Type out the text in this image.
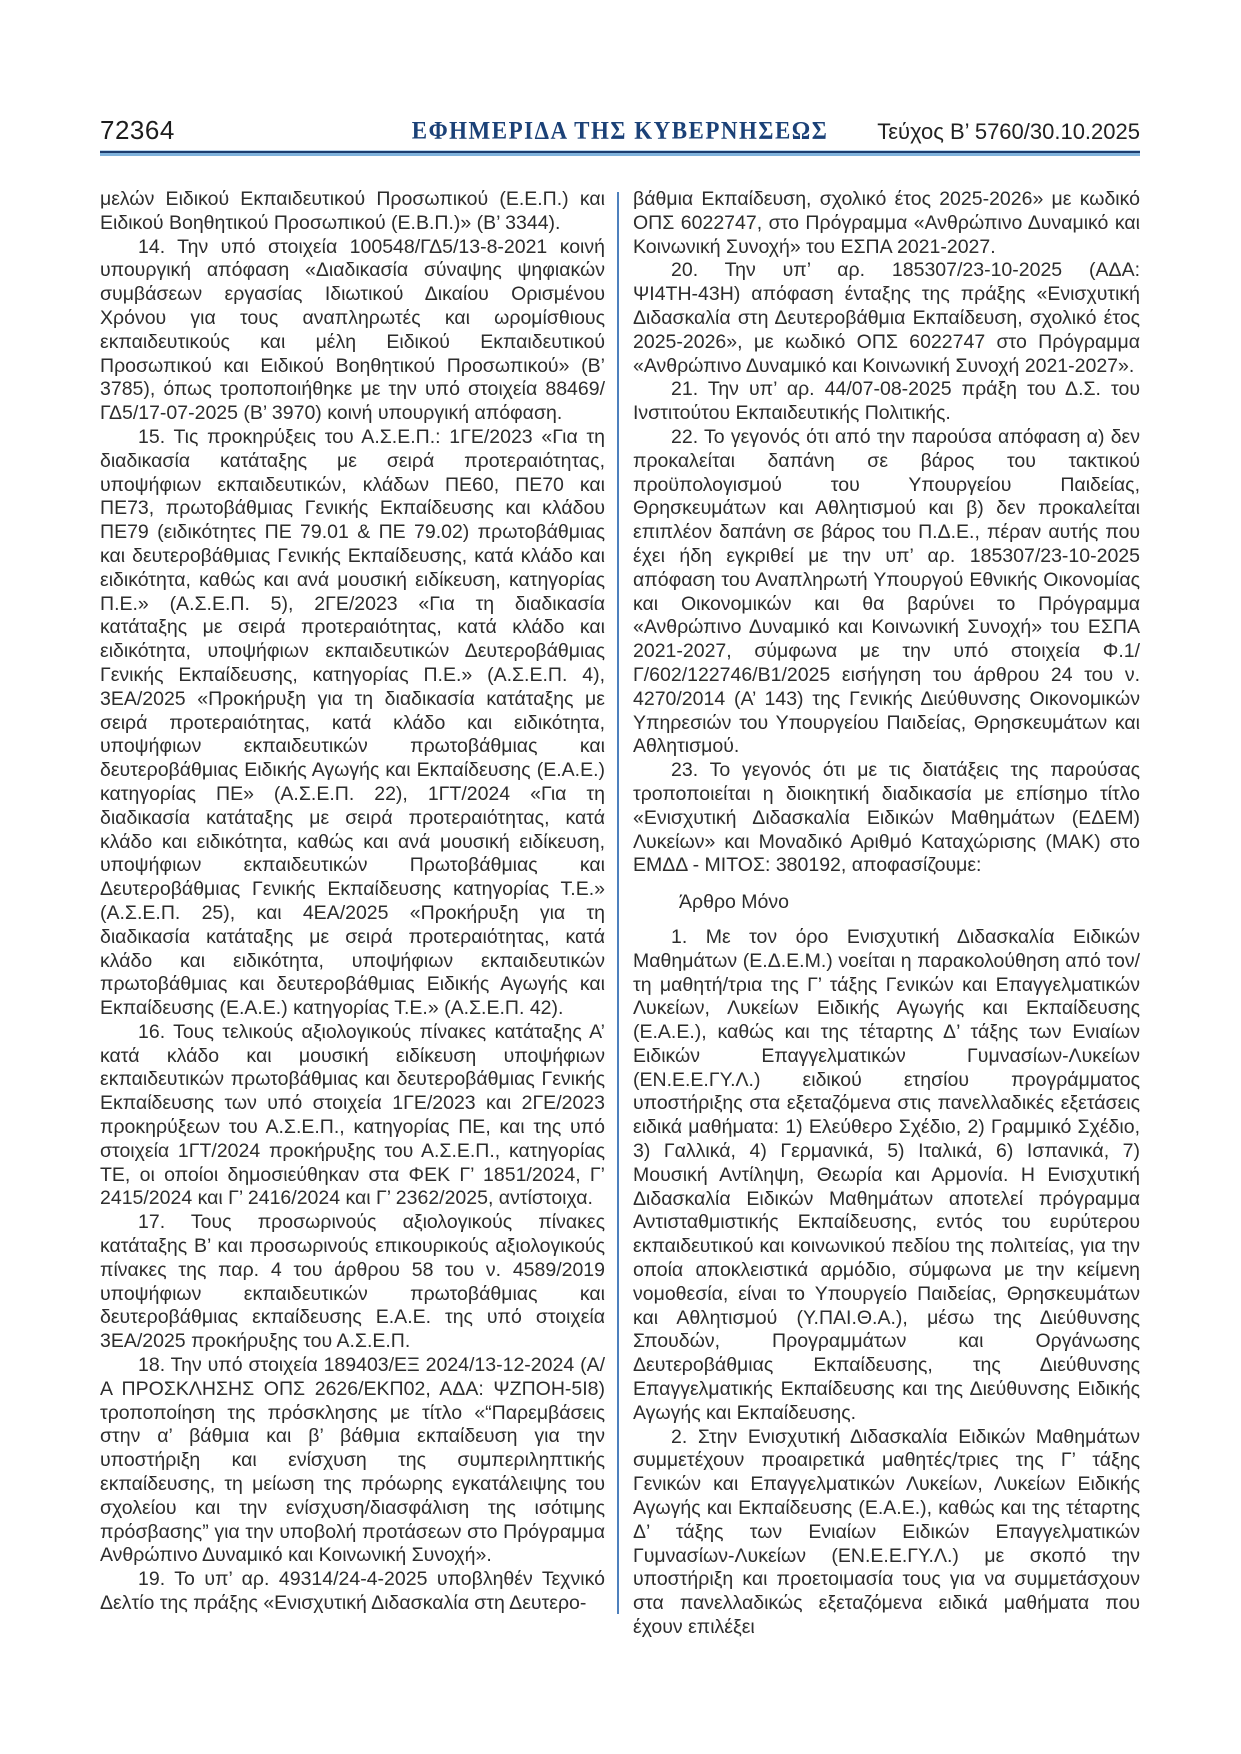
72364	ΕΦΗΜΕΡΙΔΑ ΤΗΣ ΚΥΒΕΡΝΗΣΕΩΣ	Τεύχος Β’ 5760/30.10.2025

μελών Ειδικού Εκπαιδευτικού Προσωπικού (Ε.Ε.Π.) και Ειδικού Βοηθητικού Προσωπικού (Ε.Β.Π.)» (Β’ 3344).

14. Την υπό στοιχεία 100548/ΓΔ5/13-8-2021 κοινή υπουργική απόφαση «Διαδικασία σύναψης ψηφιακών συμβάσεων εργασίας Ιδιωτικού Δικαίου Ορισμένου Χρόνου για τους αναπληρωτές και ωρομίσθιους εκπαιδευτικούς και μέλη Ειδικού Εκπαιδευτικού Προσωπικού και Ειδικού Βοηθητικού Προσωπικού» (Β’ 3785), όπως τροποποιήθηκε με την υπό στοιχεία 88469/ΓΔ5/17-07-2025 (Β’ 3970) κοινή υπουργική απόφαση.

15. Τις προκηρύξεις του Α.Σ.Ε.Π.: 1ΓΕ/2023 «Για τη διαδικασία κατάταξης με σειρά προτεραιότητας, υποψήφιων εκπαιδευτικών, κλάδων ΠΕ60, ΠΕ70 και ΠΕ73, πρωτοβάθμιας Γενικής Εκπαίδευσης και κλάδου ΠΕ79 (ειδικότητες ΠΕ 79.01 & ΠΕ 79.02) πρωτοβάθμιας και δευτεροβάθμιας Γενικής Εκπαίδευσης, κατά κλάδο και ειδικότητα, καθώς και ανά μουσική ειδίκευση, κατηγορίας Π.Ε.» (Α.Σ.Ε.Π. 5), 2ΓΕ/2023 «Για τη διαδικασία κατάταξης με σειρά προτεραιότητας, κατά κλάδο και ειδικότητα, υποψήφιων εκπαιδευτικών Δευτεροβάθμιας Γενικής Εκπαίδευσης, κατηγορίας Π.Ε.» (Α.Σ.Ε.Π. 4), 3ΕΑ/2025 «Προκήρυξη για τη διαδικασία κατάταξης με σειρά προτεραιότητας, κατά κλάδο και ειδικότητα, υποψήφιων εκπαιδευτικών πρωτοβάθμιας και δευτεροβάθμιας Ειδικής Αγωγής και Εκπαίδευσης (Ε.Α.Ε.) κατηγορίας ΠΕ» (Α.Σ.Ε.Π. 22), 1ΓΤ/2024 «Για τη διαδικασία κατάταξης με σειρά προτεραιότητας, κατά κλάδο και ειδικότητα, καθώς και ανά μουσική ειδίκευση, υποψήφιων εκπαιδευτικών Πρωτοβάθμιας και Δευτεροβάθμιας Γενικής Εκπαίδευσης κατηγορίας Τ.Ε.» (Α.Σ.Ε.Π. 25), και 4ΕΑ/2025 «Προκήρυξη για τη διαδικασία κατάταξης με σειρά προτεραιότητας, κατά κλάδο και ειδικότητα, υποψήφιων εκπαιδευτικών πρωτοβάθμιας και δευτεροβάθμιας Ειδικής Αγωγής και Εκπαίδευσης (Ε.Α.Ε.) κατηγορίας Τ.Ε.» (Α.Σ.Ε.Π. 42).

16. Τους τελικούς αξιολογικούς πίνακες κατάταξης Α’ κατά κλάδο και μουσική ειδίκευση υποψήφιων εκπαιδευτικών πρωτοβάθμιας και δευτεροβάθμιας Γενικής Εκπαίδευσης των υπό στοιχεία 1ΓΕ/2023 και 2ΓΕ/2023 προκηρύξεων του Α.Σ.Ε.Π., κατηγορίας ΠΕ, και της υπό στοιχεία 1ΓΤ/2024 προκήρυξης του Α.Σ.Ε.Π., κατηγορίας ΤΕ, οι οποίοι δημοσιεύθηκαν στα ΦΕΚ Γ’ 1851/2024, Γ’ 2415/2024 και Γ’ 2416/2024 και Γ’ 2362/2025, αντίστοιχα.

17. Τους προσωρινούς αξιολογικούς πίνακες κατάταξης Β’ και προσωρινούς επικουρικούς αξιολογικούς πίνακες της παρ. 4 του άρθρου 58 του ν. 4589/2019 υποψήφιων εκπαιδευτικών πρωτοβάθμιας και δευτεροβάθμιας εκπαίδευσης Ε.Α.Ε. της υπό στοιχεία 3ΕΑ/2025 προκήρυξης του Α.Σ.Ε.Π.

18. Την υπό στοιχεία 189403/ΕΞ 2024/13-12-2024 (Α/Α ΠΡΟΣΚΛΗΣΗΣ ΟΠΣ 2626/ΕΚΠ02, ΑΔΑ: ΨΖΠΟΗ-5Ι8) τροποποίηση της πρόσκλησης με τίτλο «“Παρεμβάσεις στην α’ βάθμια και β’ βάθμια εκπαίδευση για την υποστήριξη και ενίσχυση της συμπεριληπτικής εκπαίδευσης, τη μείωση της πρόωρης εγκατάλειψης του σχολείου και την ενίσχυση/διασφάλιση της ισότιμης πρόσβασης” για την υποβολή προτάσεων στο Πρόγραμμα Ανθρώπινο Δυναμικό και Κοινωνική Συνοχή».

19. Το υπ’ αρ. 49314/24-4-2025 υποβληθέν Τεχνικό Δελτίο της πράξης «Ενισχυτική Διδασκαλία στη Δευτερο-

βάθμια Εκπαίδευση, σχολικό έτος 2025-2026» με κωδικό ΟΠΣ 6022747, στο Πρόγραμμα «Ανθρώπινο Δυναμικό και Κοινωνική Συνοχή» του ΕΣΠΑ 2021-2027.

20. Την υπ’ αρ. 185307/23-10-2025 (ΑΔΑ: ΨΙ4ΤΗ-43Η) απόφαση ένταξης της πράξης «Ενισχυτική Διδασκαλία στη Δευτεροβάθμια Εκπαίδευση, σχολικό έτος 2025-2026», με κωδικό ΟΠΣ 6022747 στο Πρόγραμμα «Ανθρώπινο Δυναμικό και Κοινωνική Συνοχή 2021-2027».

21. Την υπ’ αρ. 44/07-08-2025 πράξη του Δ.Σ. του Ινστιτούτου Εκπαιδευτικής Πολιτικής.

22. Το γεγονός ότι από την παρούσα απόφαση α) δεν προκαλείται δαπάνη σε βάρος του τακτικού προϋπολογισμού του Υπουργείου Παιδείας, Θρησκευμάτων και Αθλητισμού και β) δεν προκαλείται επιπλέον δαπάνη σε βάρος του Π.Δ.Ε., πέραν αυτής που έχει ήδη εγκριθεί με την υπ’ αρ. 185307/23-10-2025 απόφαση του Αναπληρωτή Υπουργού Εθνικής Οικονομίας και Οικονομικών και θα βαρύνει το Πρόγραμμα «Ανθρώπινο Δυναμικό και Κοινωνική Συνοχή» του ΕΣΠΑ 2021-2027, σύμφωνα με την υπό στοιχεία Φ.1/Γ/602/122746/Β1/2025 εισήγηση του άρθρου 24 του ν. 4270/2014 (Α’ 143) της Γενικής Διεύθυνσης Οικονομικών Υπηρεσιών του Υπουργείου Παιδείας, Θρησκευμάτων και Αθλητισμού.

23. Το γεγονός ότι με τις διατάξεις της παρούσας τροποποιείται η διοικητική διαδικασία με επίσημο τίτλο «Ενισχυτική Διδασκαλία Ειδικών Μαθημάτων (ΕΔΕΜ) Λυκείων» και Μοναδικό Αριθμό Καταχώρισης (ΜΑΚ) στο ΕΜΔΔ - ΜΙΤΟΣ: 380192, αποφασίζουμε:

Άρθρο Μόνο

1. Με τον όρο Ενισχυτική Διδασκαλία Ειδικών Μαθημάτων (Ε.Δ.Ε.Μ.) νοείται η παρακολούθηση από τον/τη μαθητή/τρια της Γ’ τάξης Γενικών και Επαγγελματικών Λυκείων, Λυκείων Ειδικής Αγωγής και Εκπαίδευσης (Ε.Α.Ε.), καθώς και της τέταρτης Δ’ τάξης των Ενιαίων Ειδικών Επαγγελματικών Γυμνασίων-Λυκείων (ΕΝ.Ε.Ε.ΓΥ.Λ.) ειδικού ετησίου προγράμματος υποστήριξης στα εξεταζόμενα στις πανελλαδικές εξετάσεις ειδικά μαθήματα: 1) Ελεύθερο Σχέδιο, 2) Γραμμικό Σχέδιο, 3) Γαλλικά, 4) Γερμανικά, 5) Ιταλικά, 6) Ισπανικά, 7) Μουσική Αντίληψη, Θεωρία και Αρμονία. Η Ενισχυτική Διδασκαλία Ειδικών Μαθημάτων αποτελεί πρόγραμμα Αντισταθμιστικής Εκπαίδευσης, εντός του ευρύτερου εκπαιδευτικού και κοινωνικού πεδίου της πολιτείας, για την οποία αποκλειστικά αρμόδιο, σύμφωνα με την κείμενη νομοθεσία, είναι το Υπουργείο Παιδείας, Θρησκευμάτων και Αθλητισμού (Υ.ΠΑΙ.Θ.Α.), μέσω της Διεύθυνσης Σπουδών, Προγραμμάτων και Οργάνωσης Δευτεροβάθμιας Εκπαίδευσης, της Διεύθυνσης Επαγγελματικής Εκπαίδευσης και της Διεύθυνσης Ειδικής Αγωγής και Εκπαίδευσης.

2. Στην Ενισχυτική Διδασκαλία Ειδικών Μαθημάτων συμμετέχουν προαιρετικά μαθητές/τριες της Γ’ τάξης Γενικών και Επαγγελματικών Λυκείων, Λυκείων Ειδικής Αγωγής και Εκπαίδευσης (Ε.Α.Ε.), καθώς και της τέταρτης Δ’ τάξης των Ενιαίων Ειδικών Επαγγελματικών Γυμνασίων-Λυκείων (ΕΝ.Ε.Ε.ΓΥ.Λ.) με σκοπό την υποστήριξη και προετοιμασία τους για να συμμετάσχουν στα πανελλαδικώς εξεταζόμενα ειδικά μαθήματα που έχουν επιλέξει
